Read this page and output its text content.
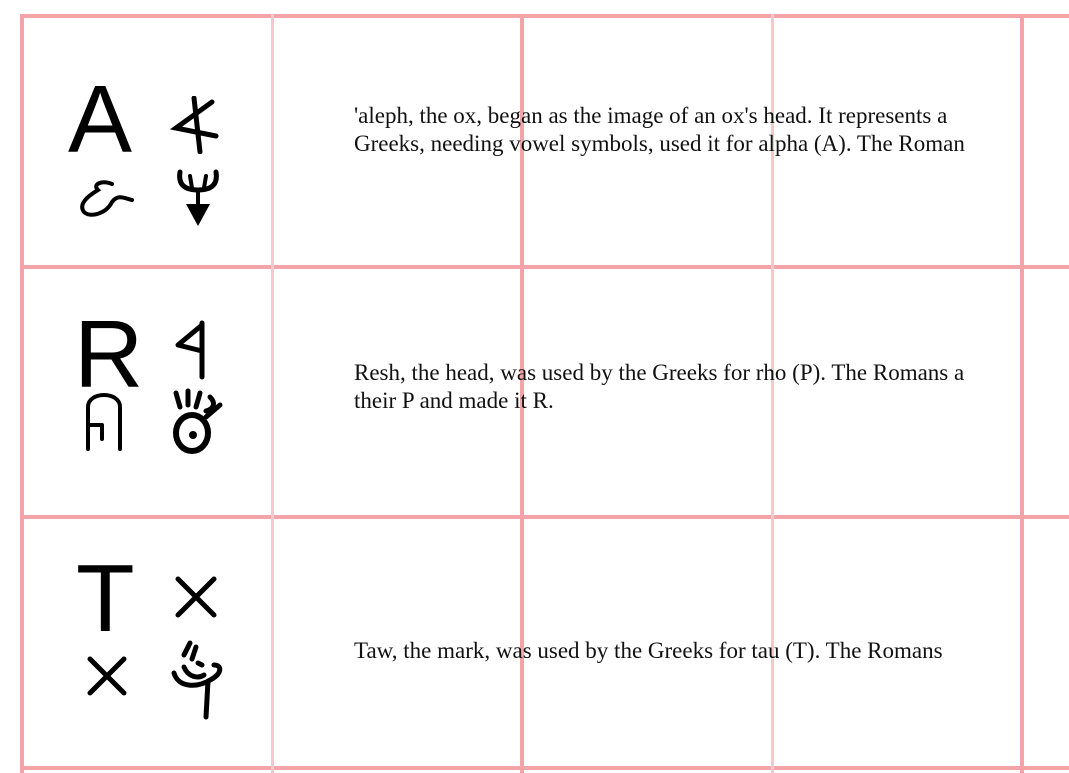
A	'aleph, the ox, began as the image of an ox's head. It represents a
Greeks, needing vowel symbols, used it for alpha (A). The Roman
R	Resh, the head, was used by the Greeks for rho (P). The Romans a
their P and made it R.
T	Taw, the mark, was used by the Greeks for tau (T). The Romans
